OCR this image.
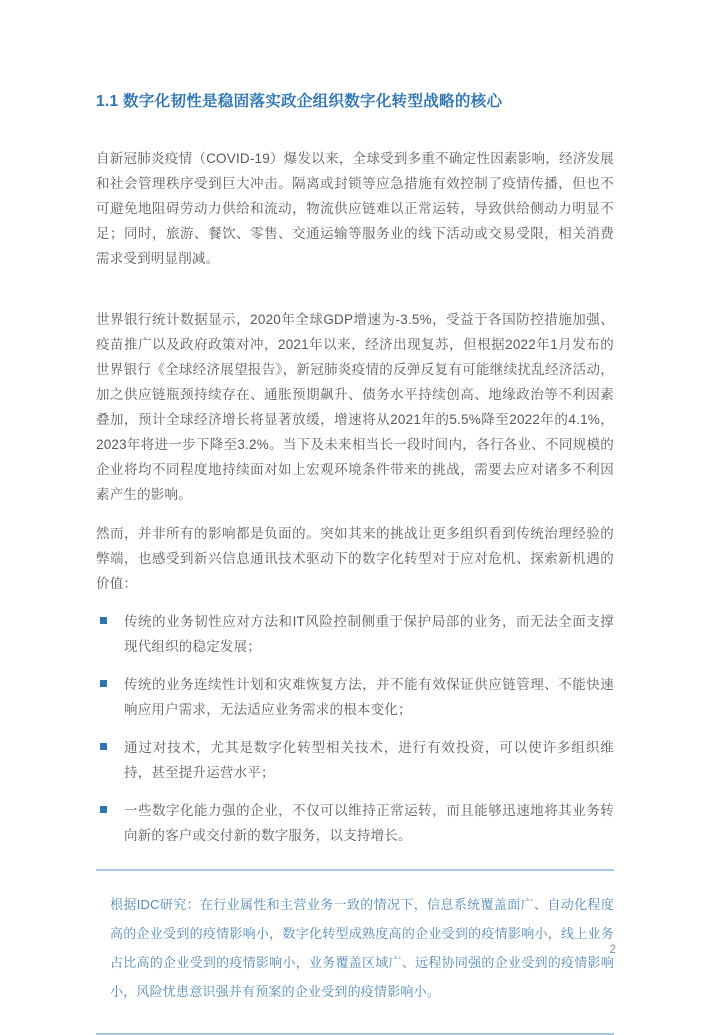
1.1 数字化韧性是稳固落实政企组织数字化转型战略的核心

自新冠肺炎疫情（COVID-19）爆发以来，全球受到多重不确定性因素影响，经济发展和社会管理秩序受到巨大冲击。隔离或封锁等应急措施有效控制了疫情传播，但也不可避免地阻碍劳动力供给和流动，物流供应链难以正常运转，导致供给侧动力明显不足；同时，旅游、餐饮、零售、交通运输等服务业的线下活动或交易受限，相关消费需求受到明显削减。

世界银行统计数据显示，2020年全球GDP增速为-3.5%，受益于各国防控措施加强、疫苗推广以及政府政策对冲，2021年以来，经济出现复苏，但根据2022年1月发布的世界银行《全球经济展望报告》，新冠肺炎疫情的反弹反复有可能继续扰乱经济活动，加之供应链瓶颈持续存在、通胀预期飙升、债务水平持续创高、地缘政治等不利因素叠加，预计全球经济增长将显著放缓，增速将从2021年的5.5%降至2022年的4.1%，2023年将进一步下降至3.2%。当下及未来相当长一段时间内，各行各业、不同规模的企业将均不同程度地持续面对如上宏观环境条件带来的挑战，需要去应对诸多不利因素产生的影响。

然而，并非所有的影响都是负面的。突如其来的挑战让更多组织看到传统治理经验的弊端，也感受到新兴信息通讯技术驱动下的数字化转型对于应对危机、探索新机遇的价值：

传统的业务韧性应对方法和IT风险控制侧重于保护局部的业务，而无法全面支撑现代组织的稳定发展；
传统的业务连续性计划和灾难恢复方法，并不能有效保证供应链管理、不能快速响应用户需求，无法适应业务需求的根本变化；
通过对技术，尤其是数字化转型相关技术，进行有效投资，可以使许多组织维持，甚至提升运营水平；
一些数字化能力强的企业，不仅可以维持正常运转，而且能够迅速地将其业务转向新的客户或交付新的数字服务，以支持增长。

根据IDC研究：在行业属性和主营业务一致的情况下，信息系统覆盖面广、自动化程度高的企业受到的疫情影响小，数字化转型成熟度高的企业受到的疫情影响小，线上业务占比高的企业受到的疫情影响小，业务覆盖区域广、远程协同强的企业受到的疫情影响小，风险忧患意识强并有预案的企业受到的疫情影响小。

2
